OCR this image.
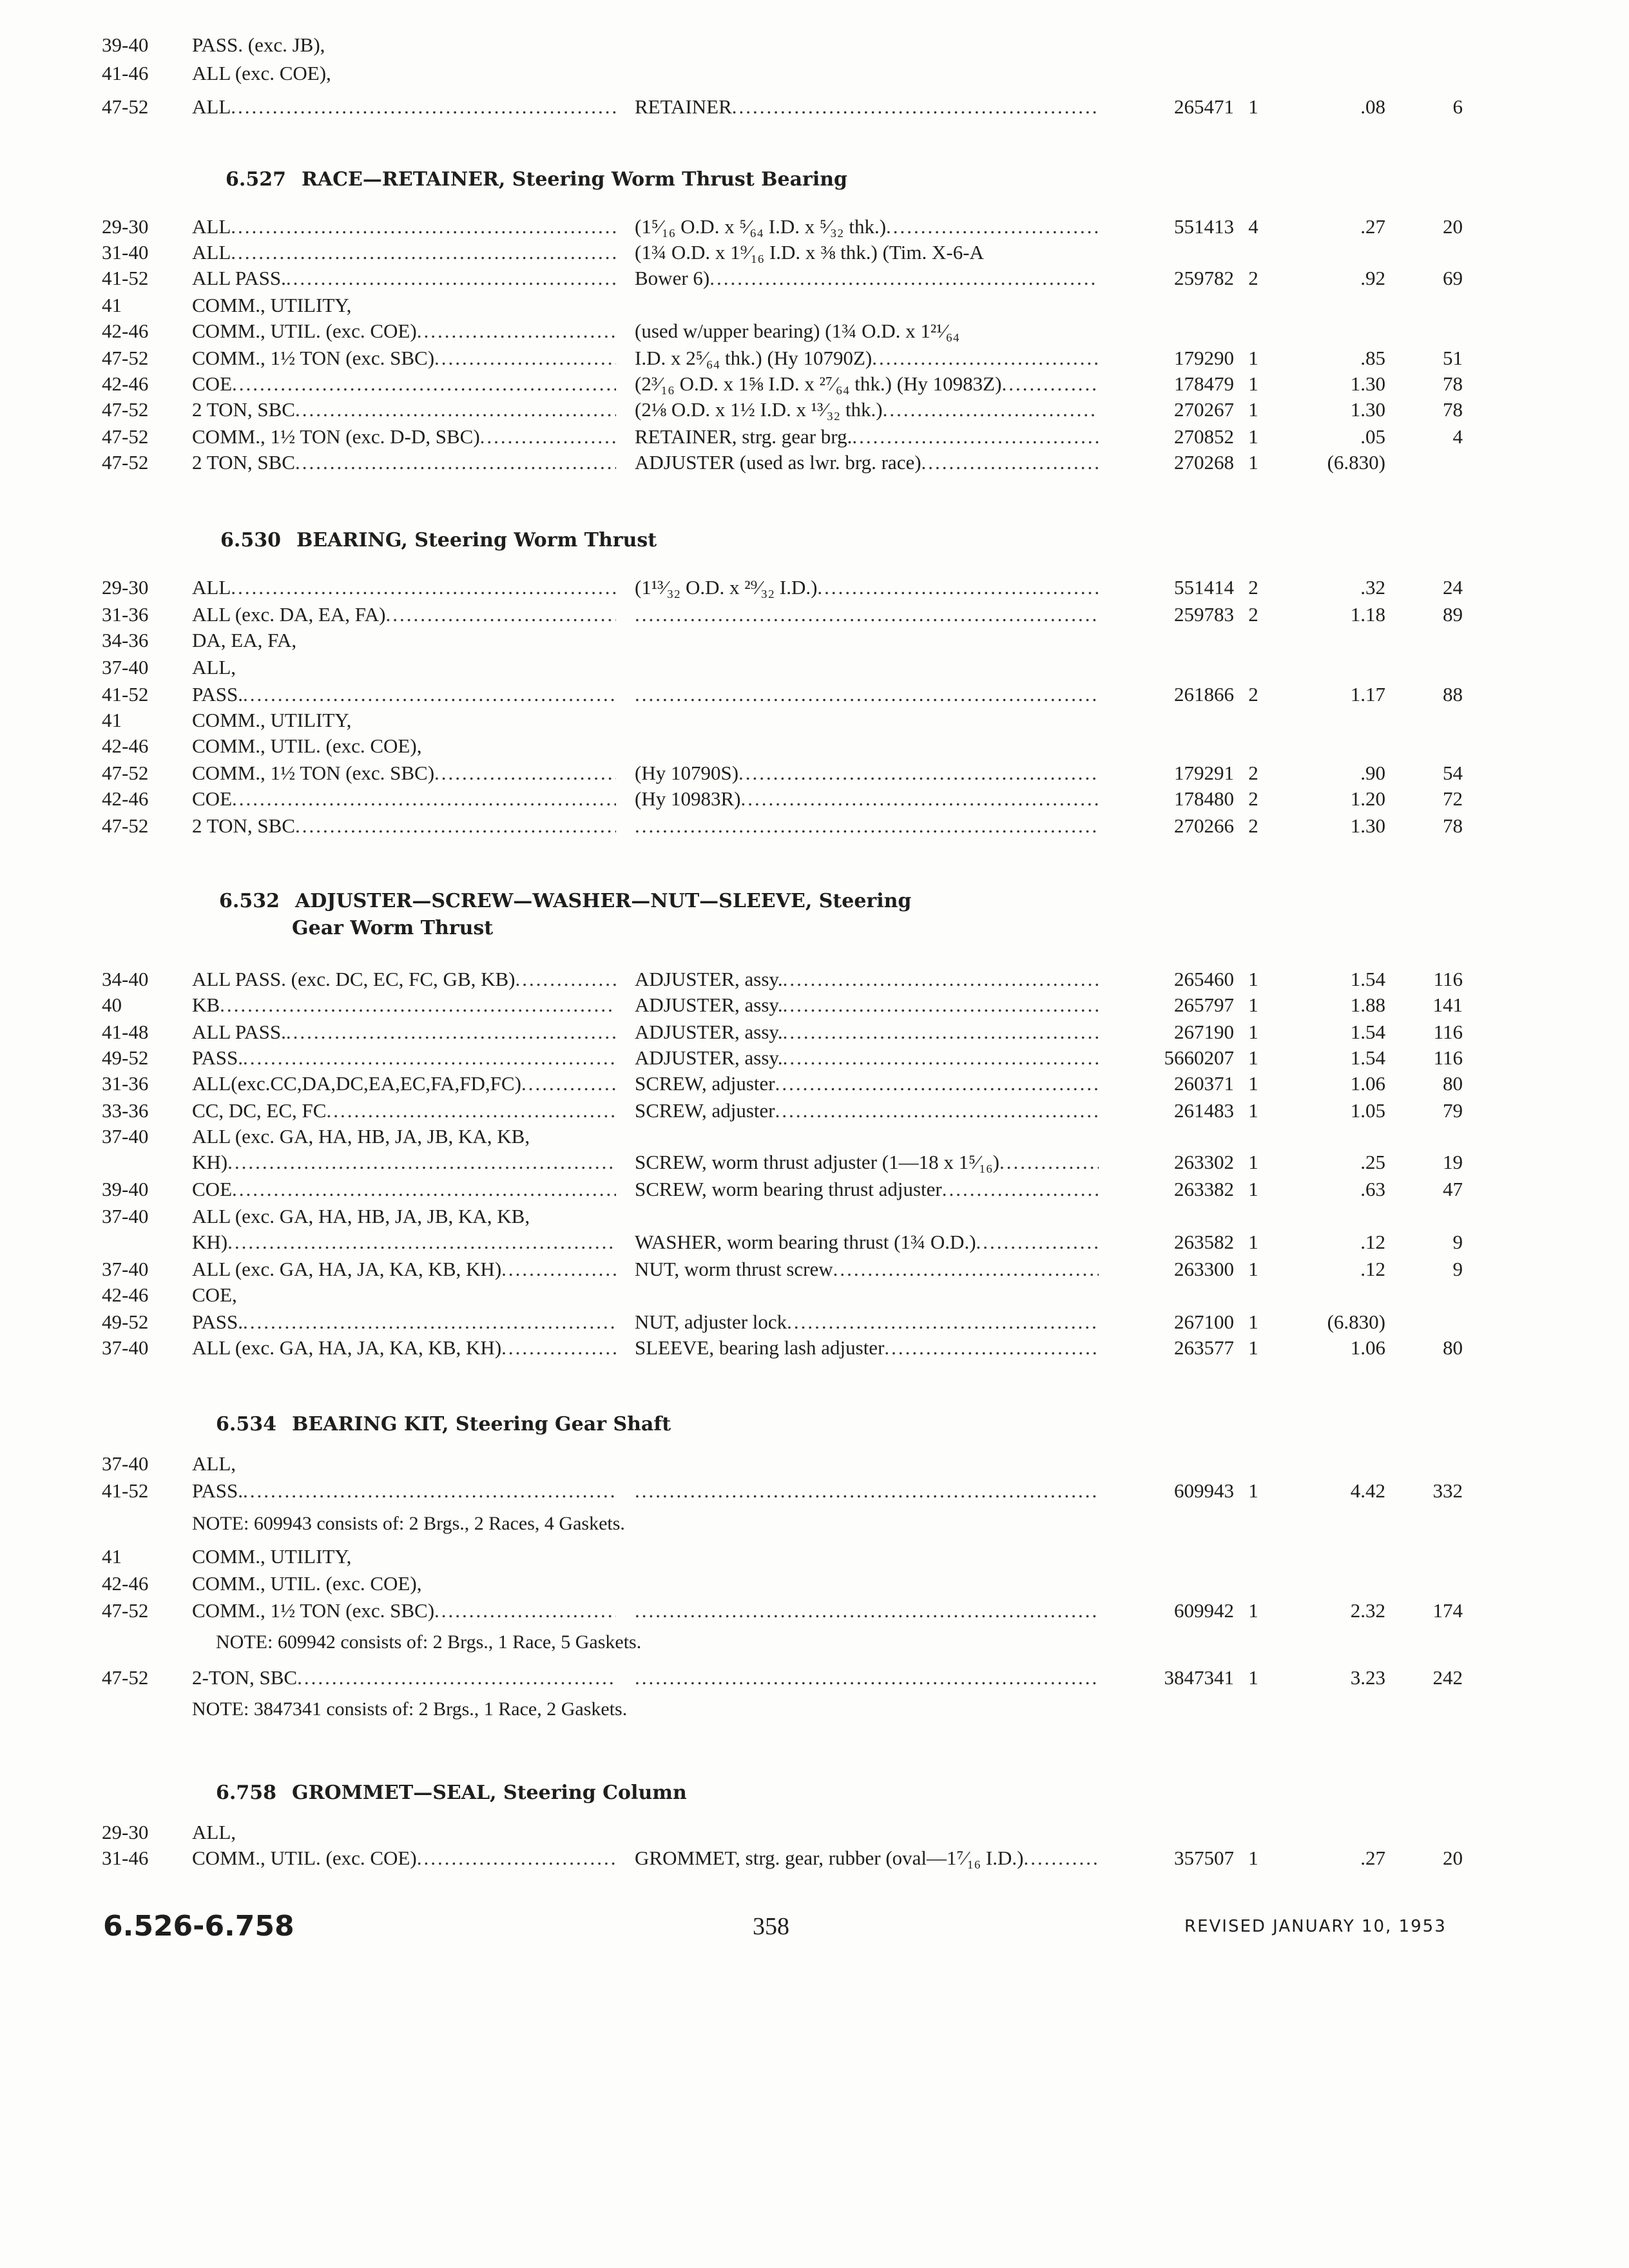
6.527 RACE—RETAINER, Steering Worm Thrust Bearing
6.530 BEARING, Steering Worm Thrust
6.532 ADJUSTER—SCREW—WASHER—NUT—SLEEVE, Steering
Gear Worm Thrust
6.534 BEARING KIT, Steering Gear Shaft
6.758 GROMMET—SEAL, Steering Column
NOTE: 609943 consists of: 2 Brgs., 2 Races, 4 Gaskets.
NOTE: 609942 consists of: 2 Brgs., 1 Race, 5 Gaskets.
NOTE: 3847341 consists of: 2 Brgs., 1 Race, 2 Gaskets.
39-40	PASS. (exc. JB),
41-46	ALL (exc. COE),
47-52	ALL .....	RETAINER .....	265471 1	.08	6
29-30	ALL .....	(1⁵⁄₁₆ O.D. x ⁵⁄₆₄ I.D. x ⁵⁄₃₂ thk.) .....	551413 4	.27	20
31-40	ALL .....	(1¾ O.D. x 1⁹⁄₁₆ I.D. x ⅜ thk.) (Tim. X-6-A
41-52	ALL PASS. .....	Bower 6) .....	259782 2	.92	69
41	COMM., UTILITY,
42-46	COMM., UTIL. (exc. COE) .....	(used w/upper bearing) (1¾ O.D. x 1²¹⁄₆₄
47-52	COMM., 1½ TON (exc. SBC) .....	I.D. x 2⁵⁄₆₄ thk.) (Hy 10790Z) .....	179290 1	.85	51
42-46	COE .....	(2³⁄₁₆ O.D. x 1⅝ I.D. x ²⁷⁄₆₄ thk.) (Hy 10983Z) .....	178479 1	1.30	78
47-52	2 TON, SBC .....	(2⅛ O.D. x 1½ I.D. x ¹³⁄₃₂ thk.) .....	270267 1	1.30	78
47-52	COMM., 1½ TON (exc. D-D, SBC) .....	RETAINER, strg. gear brg. .....	270852 1	.05	4
47-52	2 TON, SBC .....	ADJUSTER (used as lwr. brg. race) .....	270268 1	(6.830)
29-30	ALL .....	(1¹³⁄₃₂ O.D. x ²⁹⁄₃₂ I.D.) .....	551414 2	.32	24
31-36	ALL (exc. DA, EA, FA) ..... .....	259783 2	1.18	89
34-36	DA, EA, FA,
37-40	ALL,
41-52	PASS. ..... .....	261866 2	1.17	88
41	COMM., UTILITY,
42-46	COMM., UTIL. (exc. COE),
47-52	COMM., 1½ TON (exc. SBC) .....	(Hy 10790S) .....	179291 2	.90	54
42-46	COE .....	(Hy 10983R) .....	178480 2	1.20	72
47-52	2 TON, SBC ..... .....	270266 2	1.30	78
34-40	ALL PASS. (exc. DC, EC, FC, GB, KB) .....	ADJUSTER, assy. .....	265460 1	1.54	116
40	KB .....	ADJUSTER, assy. .....	265797 1	1.88	141
41-48	ALL PASS. .....	ADJUSTER, assy. .....	267190 1	1.54	116
49-52	PASS. .....	ADJUSTER, assy. .....	5660207 1	1.54	116
31-36	ALL(exc.CC,DA,DC,EA,EC,FA,FD,FC) .....	SCREW, adjuster .....	260371 1	1.06	80
33-36	CC, DC, EC, FC .....	SCREW, adjuster .....	261483 1	1.05	79
37-40	ALL (exc. GA, HA, HB, JA, JB, KA, KB,
KH) .....	SCREW, worm thrust adjuster (1—18 x 1⁵⁄₁₆) .....	263302 1	.25	19
39-40	COE .....	SCREW, worm bearing thrust adjuster .....	263382 1	.63	47
37-40	ALL (exc. GA, HA, HB, JA, JB, KA, KB,
KH) .....	WASHER, worm bearing thrust (1¾ O.D.) .....	263582 1	.12	9
37-40	ALL (exc. GA, HA, JA, KA, KB, KH) .....	NUT, worm thrust screw .....	263300 1	.12	9
42-46	COE,
49-52	PASS. .....	NUT, adjuster lock .....	267100 1	(6.830)
37-40	ALL (exc. GA, HA, JA, KA, KB, KH) .....	SLEEVE, bearing lash adjuster .....	263577 1	1.06	80
37-40	ALL,
41-52	PASS. ..... .....	609943 1	4.42	332
41	COMM., UTILITY,
42-46	COMM., UTIL. (exc. COE),
47-52	COMM., 1½ TON (exc. SBC) ..... .....	609942 1	2.32	174
47-52	2-TON, SBC ..... .....	3847341 1	3.23	242
29-30	ALL,
31-46	COMM., UTIL. (exc. COE) .....	GROMMET, strg. gear, rubber (oval—1⁷⁄₁₆ I.D.) .....	357507 1	.27	20
6.526-6.758	358	REVISED JANUARY 10, 1953
